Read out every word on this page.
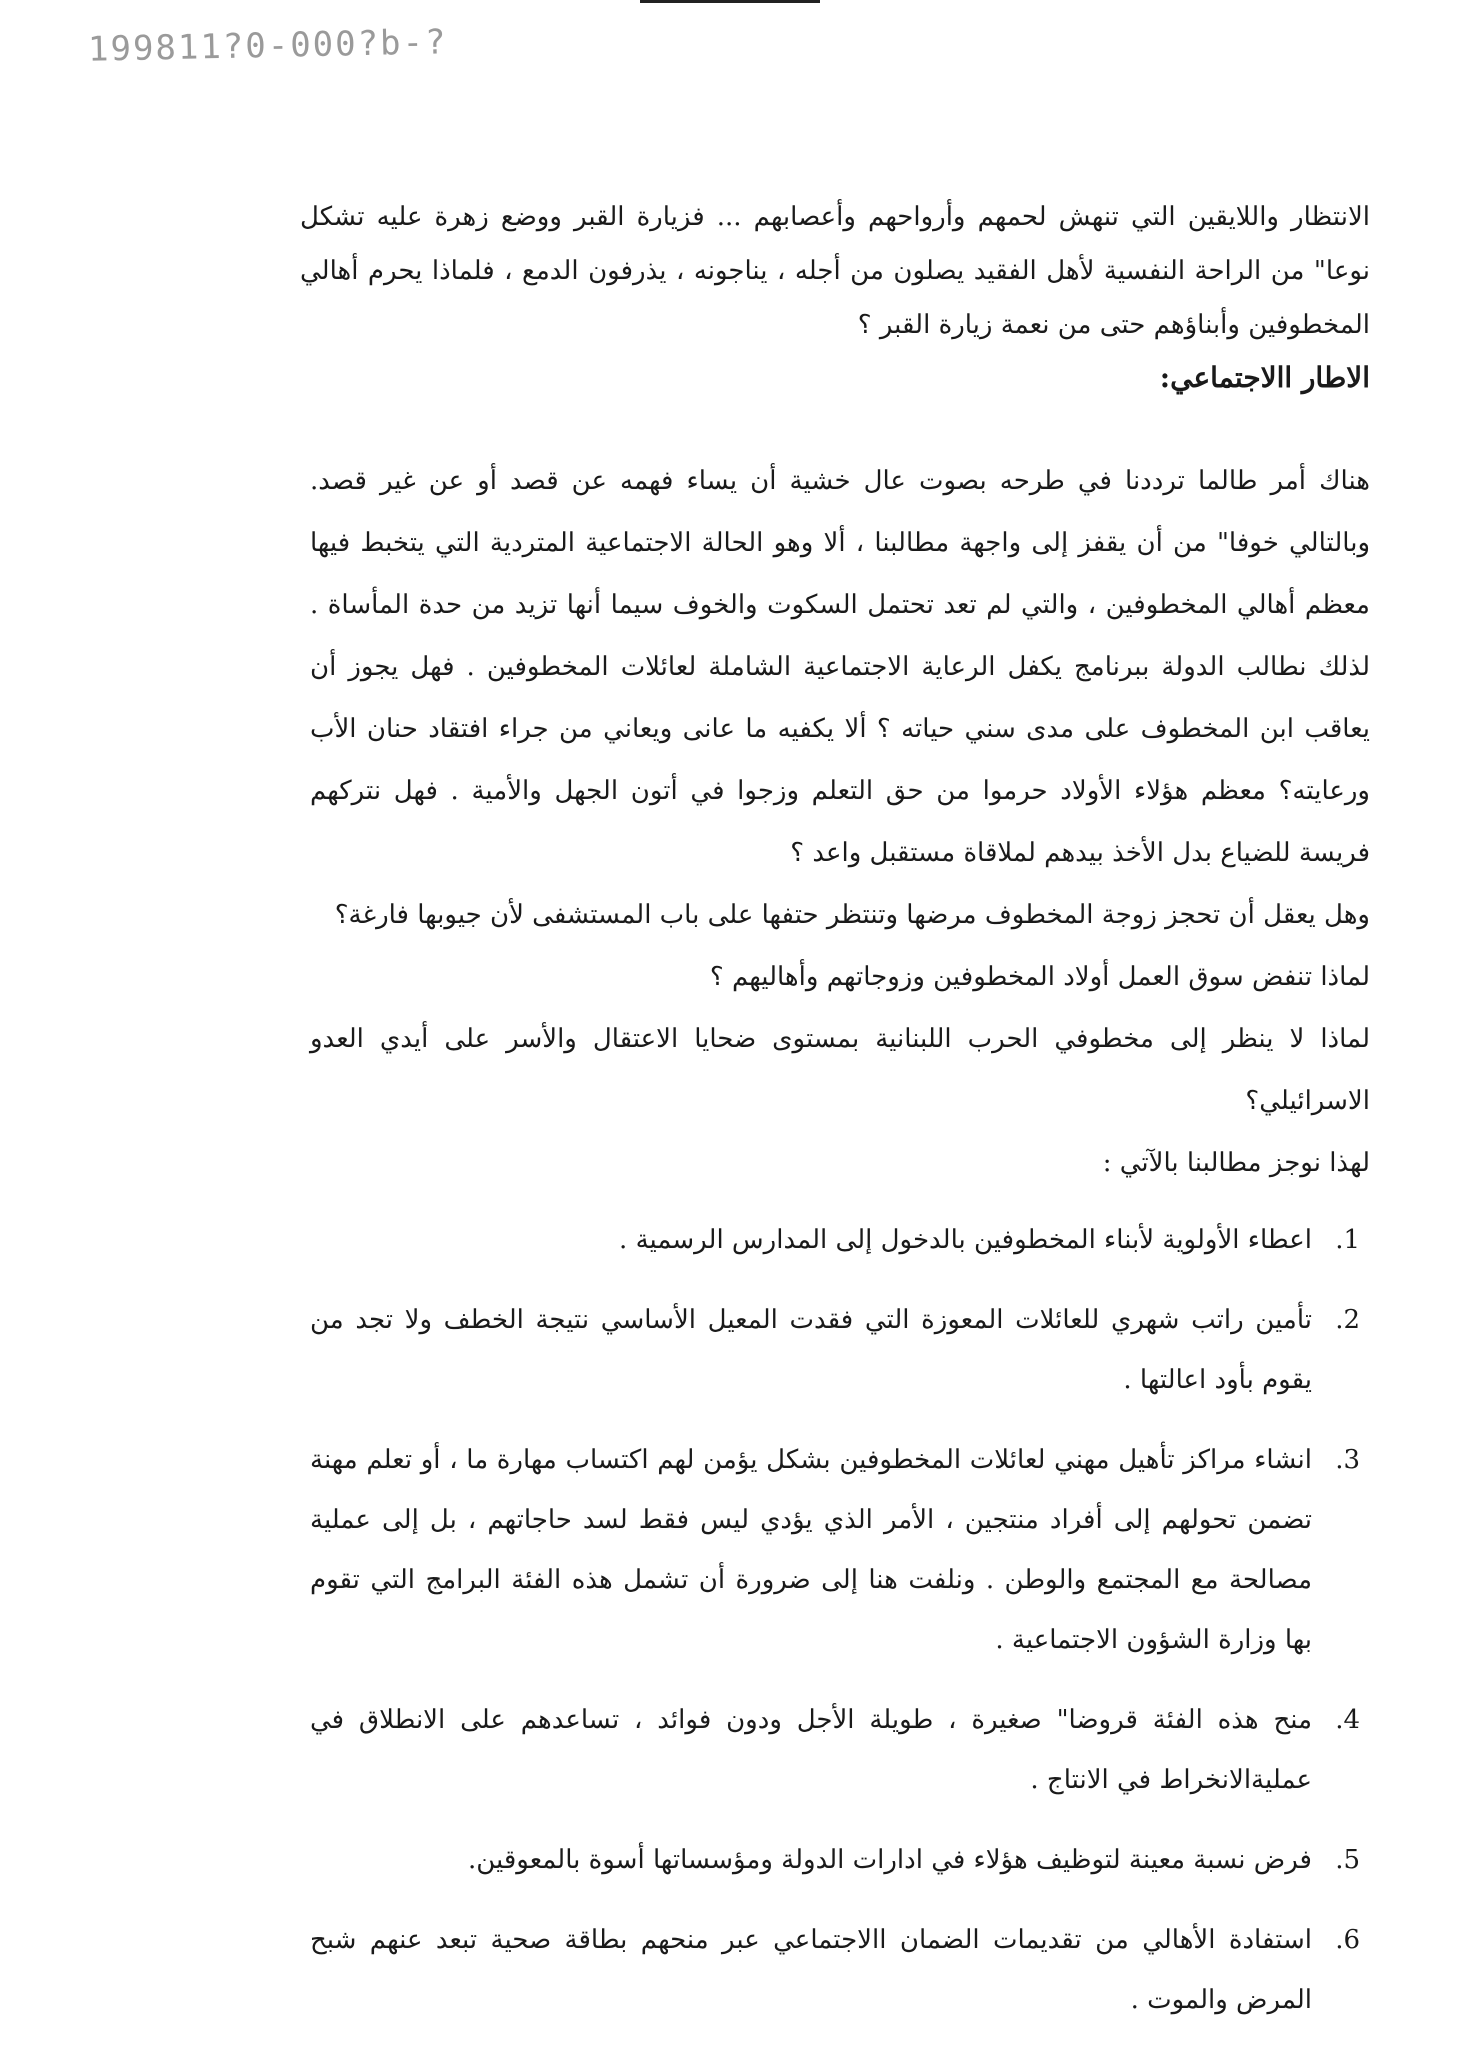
199811?0-000?b-?

الانتظار واللايقين التي تنهش لحمهم وأرواحهم وأعصابهم ... فزيارة القبر ووضع زهرة عليه تشكل نوعا" من الراحة النفسية لأهل الفقيد يصلون من أجله ، يناجونه ، يذرفون الدمع ، فلماذا يحرم أهالي المخطوفين وأبناؤهم حتى من نعمة زيارة القبر ؟

الاطار االاجتماعي:

هناك أمر طالما ترددنا في طرحه بصوت عال خشية أن يساء فهمه عن قصد أو عن غير قصد. وبالتالي خوفا" من أن يقفز إلى واجهة مطالبنا ، ألا وهو الحالة الاجتماعية المتردية التي يتخبط فيها معظم أهالي المخطوفين ، والتي لم تعد تحتمل السكوت والخوف سيما أنها تزيد من حدة المأساة . لذلك نطالب الدولة ببرنامج يكفل الرعاية الاجتماعية الشاملة لعائلات المخطوفين . فهل يجوز أن يعاقب ابن المخطوف على مدى سني حياته ؟ ألا يكفيه ما عانى ويعاني من جراء افتقاد حنان الأب ورعايته؟ معظم هؤلاء الأولاد حرموا من حق التعلم وزجوا في أتون الجهل والأمية . فهل نتركهم فريسة للضياع بدل الأخذ بيدهم لملاقاة مستقبل واعد ؟

وهل يعقل أن تحجز زوجة المخطوف مرضها وتنتظر حتفها على باب المستشفى لأن جيوبها فارغة؟

لماذا تنفض سوق العمل أولاد المخطوفين وزوجاتهم وأهاليهم ؟

لماذا لا ينظر إلى مخطوفي الحرب اللبنانية بمستوى ضحايا الاعتقال والأسر على أيدي العدو الاسرائيلي؟

لهذا نوجز مطالبنا بالآتي :

1.
اعطاء الأولوية لأبناء المخطوفين بالدخول إلى المدارس الرسمية .
2.
تأمين راتب شهري للعائلات المعوزة التي فقدت المعيل الأساسي نتيجة الخطف ولا تجد من يقوم بأود اعالتها .
3.
انشاء مراكز تأهيل مهني لعائلات المخطوفين بشكل يؤمن لهم اكتساب مهارة ما ، أو تعلم مهنة تضمن تحولهم إلى أفراد منتجين ، الأمر الذي يؤدي ليس فقط لسد حاجاتهم ، بل إلى عملية مصالحة مع المجتمع والوطن . ونلفت هنا إلى ضرورة أن تشمل هذه الفئة البرامج التي تقوم بها وزارة الشؤون الاجتماعية .
4.
منح هذه الفئة قروضا" صغيرة ، طويلة الأجل ودون فوائد ، تساعدهم على الانطلاق في عمليةالانخراط في الانتاج .
5.
فرض نسبة معينة لتوظيف هؤلاء في ادارات الدولة ومؤسساتها أسوة بالمعوقين.
6.
استفادة الأهالي من تقديمات الضمان االاجتماعي عبر منحهم بطاقة صحية تبعد عنهم شبح المرض والموت .
